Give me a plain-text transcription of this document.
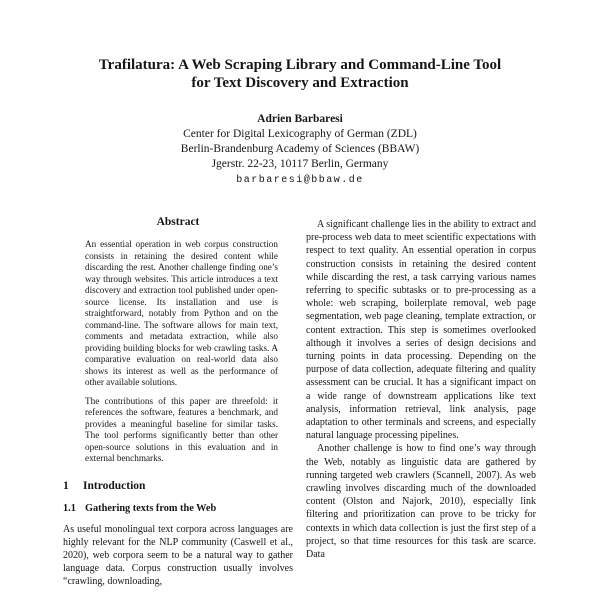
Trafilatura: A Web Scraping Library and Command-Line Tool
for Text Discovery and Extraction
Adrien Barbaresi
Center for Digital Lexicography of German (ZDL)
Berlin-Brandenburg Academy of Sciences (BBAW)
Jgerstr. 22-23, 10117 Berlin, Germany
barbaresi@bbaw.de
Abstract

An essential operation in web corpus construction consists in retaining the desired content while discarding the rest. Another challenge finding one’s way through websites. This article introduces a text discovery and extraction tool published under open-source license. Its installation and use is straightforward, notably from Python and on the command-line. The software allows for main text, comments and metadata extraction, while also providing building blocks for web crawling tasks. A comparative evaluation on real-world data also shows its interest as well as the performance of other available solutions.

The contributions of this paper are threefold: it references the software, features a benchmark, and provides a meaningful baseline for similar tasks. The tool performs significantly better than other open-source solutions in this evaluation and in external benchmarks.

1 Introduction
1.1 Gathering texts from the Web

As useful monolingual text corpora across languages are highly relevant for the NLP community (Caswell et al., 2020), web corpora seem to be a natural way to gather language data. Corpus construction usually involves “crawling, downloading,

A significant challenge lies in the ability to extract and pre-process web data to meet scientific expectations with respect to text quality. An essential operation in corpus construction consists in retaining the desired content while discarding the rest, a task carrying various names referring to specific subtasks or to pre-processing as a whole: web scraping, boilerplate removal, web page segmentation, web page cleaning, template extraction, or content extraction. This step is sometimes overlooked although it involves a series of design decisions and turning points in data processing. Depending on the purpose of data collection, adequate filtering and quality assessment can be crucial. It has a significant impact on a wide range of downstream applications like text analysis, information retrieval, link analysis, page adaptation to other terminals and screens, and especially natural language processing pipelines.

Another challenge is how to find one’s way through the Web, notably as linguistic data are gathered by running targeted web crawlers (Scannell, 2007). As web crawling involves discarding much of the downloaded content (Olston and Najork, 2010), especially link filtering and prioritization can prove to be tricky for contexts in which data collection is just the first step of a project, so that time resources for this task are scarce. Data
